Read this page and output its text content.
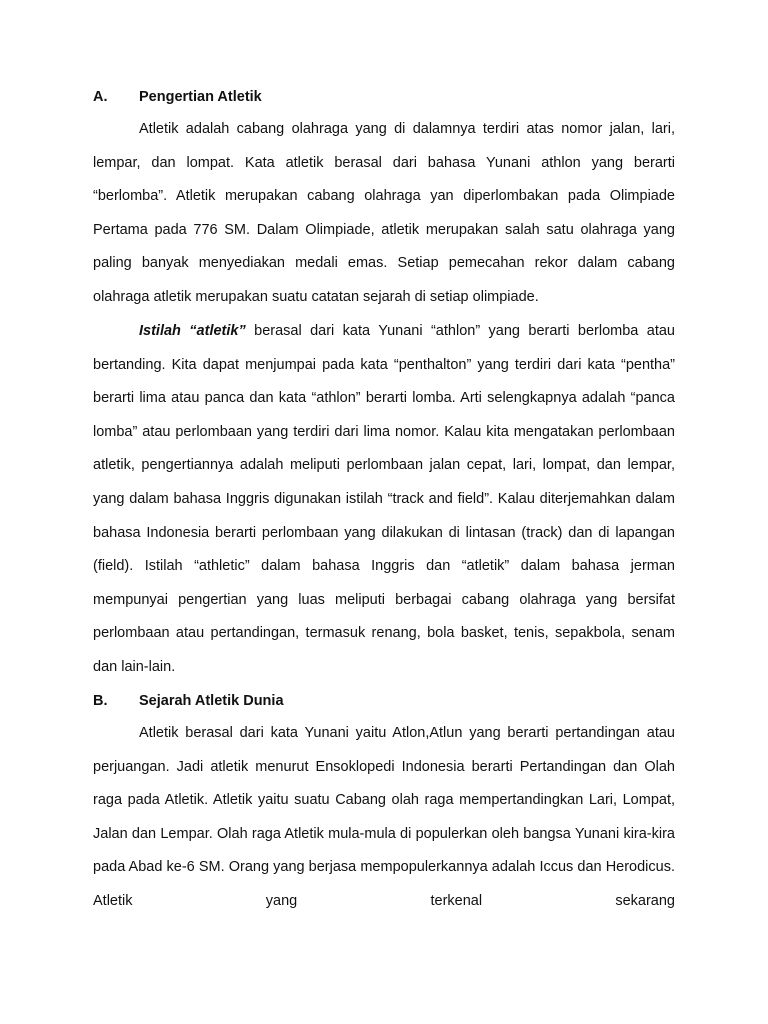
A. Pengertian Atletik

Atletik adalah cabang olahraga yang di dalamnya terdiri atas nomor jalan, lari, lempar, dan lompat. Kata atletik berasal dari bahasa Yunani athlon yang berarti “berlomba”. Atletik merupakan cabang olahraga yan diperlombakan pada Olimpiade Pertama pada 776 SM. Dalam Olimpiade, atletik merupakan salah satu olahraga yang paling banyak menyediakan medali emas. Setiap pemecahan rekor dalam cabang olahraga atletik merupakan suatu catatan sejarah di setiap olimpiade.

Istilah “atletik” berasal dari kata Yunani “athlon” yang berarti berlomba atau bertanding. Kita dapat menjumpai pada kata “penthalton” yang terdiri dari kata “pentha” berarti lima atau panca dan kata “athlon” berarti lomba. Arti selengkapnya adalah “panca lomba” atau perlombaan yang terdiri dari lima nomor. Kalau kita mengatakan perlombaan atletik, pengertiannya adalah meliputi perlombaan jalan cepat, lari, lompat, dan lempar, yang dalam bahasa Inggris digunakan istilah “track and field”. Kalau diterjemahkan dalam bahasa Indonesia berarti perlombaan yang dilakukan di lintasan (track) dan di lapangan (field). Istilah “athletic” dalam bahasa Inggris dan “atletik” dalam bahasa jerman mempunyai pengertian yang luas meliputi berbagai cabang olahraga yang bersifat perlombaan atau pertandingan, termasuk renang, bola basket, tenis, sepakbola, senam dan lain-lain.

B. Sejarah Atletik Dunia

Atletik berasal dari kata Yunani yaitu Atlon,Atlun yang berarti pertandingan atau perjuangan. Jadi atletik menurut Ensoklopedi Indonesia berarti Pertandingan dan Olah raga pada Atletik. Atletik yaitu suatu Cabang olah raga mempertandingkan Lari, Lompat, Jalan dan Lempar. Olah raga Atletik mula-mula di populerkan oleh bangsa Yunani kira-kira pada Abad ke-6 SM. Orang yang berjasa mempopulerkannya adalah Iccus dan Herodicus. Atletik yang terkenal sekarang
